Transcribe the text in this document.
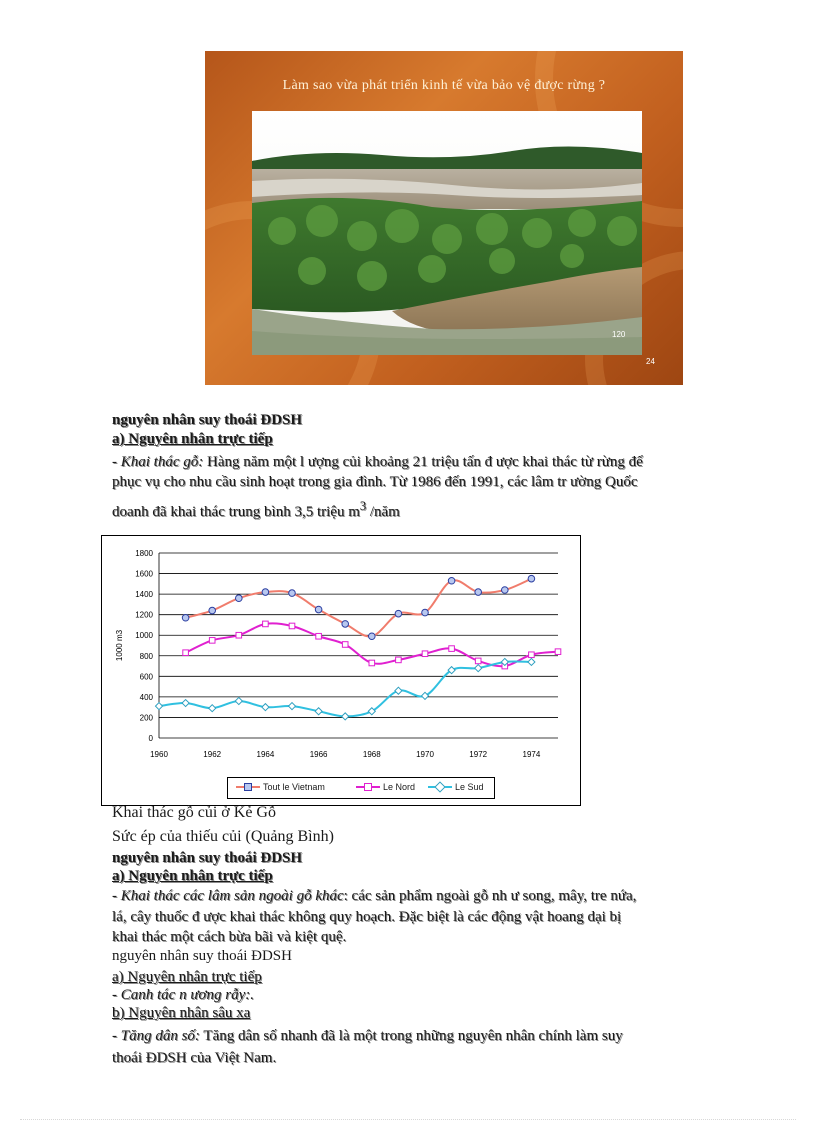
Làm sao vừa phát triển kinh tế vừa bảo vệ được rừng ?
120
24
nguyên nhân suy thoái ĐDSH
a) Nguyên nhân trực tiếp
- Khai thác gỗ: Hàng năm một l ượng củi khoảng 21 triệu tấn đ ược khai thác từ rừng để
phục vụ cho nhu cầu sinh hoạt trong gia đình. Từ 1986 đến 1991, các lâm tr ường Quốc
doanh đã khai thác trung bình 3,5 triệu $m^3$ /năm
0
200
400
600
800
1000
1200
1400
1600
1800
1960	1962	1964	1966	1968	1970	1972	1974
1000 m3
Tout le Vietnam	Le Nord	Le Sud
Khai thác gỗ củi ở Kẻ Gỗ
Sức ép của thiếu củi (Quảng Bình)
nguyên nhân suy thoái ĐDSH
a) Nguyên nhân trực tiếp
- Khai thác các lâm sản ngoài gỗ khác: các sản phẩm ngoài gỗ nh ư song, mây, tre nứa,
lá, cây thuốc đ ược khai thác không quy hoạch. Đặc biệt là các động vật hoang dại bị
khai thác một cách bừa bãi và kiệt quệ.
nguyên nhân suy thoái ĐDSH
a) Nguyên nhân trực tiếp
- Canh tác n ương rẫy:.
b) Nguyên nhân sâu xa
- Tăng dân số: Tăng dân số nhanh đã là một trong những nguyên nhân chính làm suy
thoái ĐDSH của Việt Nam.
